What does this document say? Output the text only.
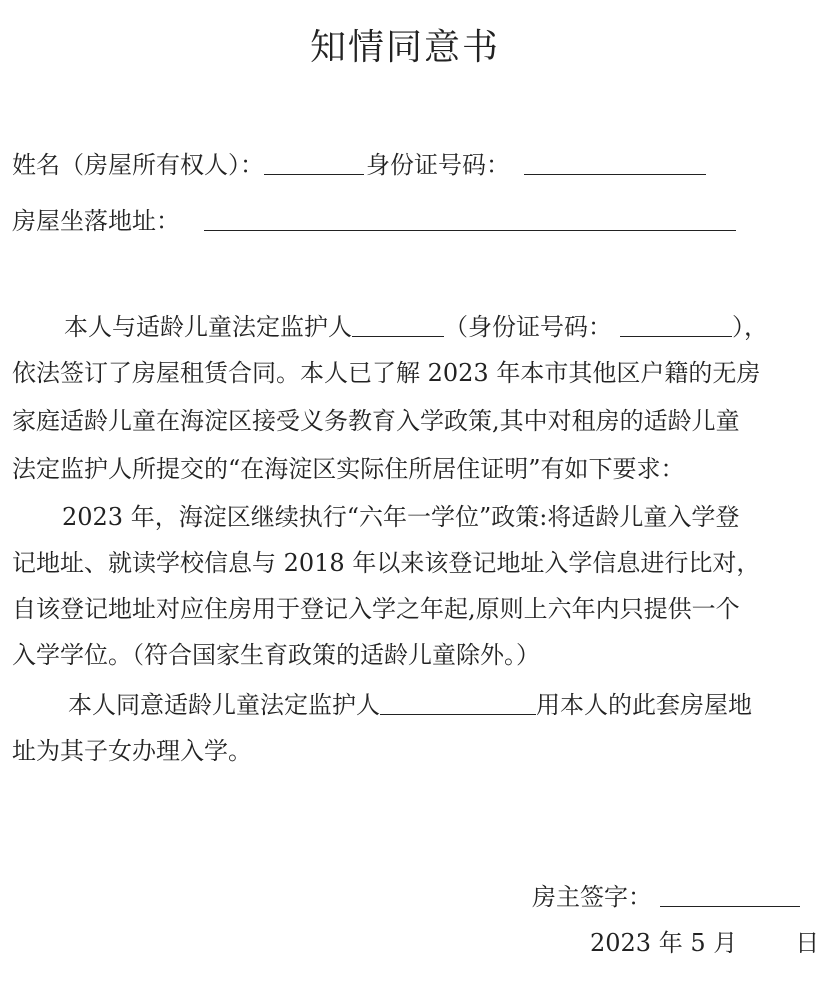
知情同意书
姓名（房屋所有权人）：	身份证号码：
房屋坐落地址：
本人与适龄儿童法定监护人	（身份证号码：	），
依法签订了房屋租赁合同。本人已了解 2023 年本市其他区户籍的无房
家庭适龄儿童在海淀区接受义务教育入学政策,其中对租房的适龄儿童
法定监护人所提交的“在海淀区实际住所居住证明”有如下要求：
2023 年，海淀区继续执行“六年一学位”政策:将适龄儿童入学登
记地址、就读学校信息与 2018 年以来该登记地址入学信息进行比对，
自该登记地址对应住房用于登记入学之年起,原则上六年内只提供一个
入学学位。（符合国家生育政策的适龄儿童除外。）
本人同意适龄儿童法定监护人	用本人的此套房屋地
址为其子女办理入学。
房主签字：
2023 年 5 月 日
